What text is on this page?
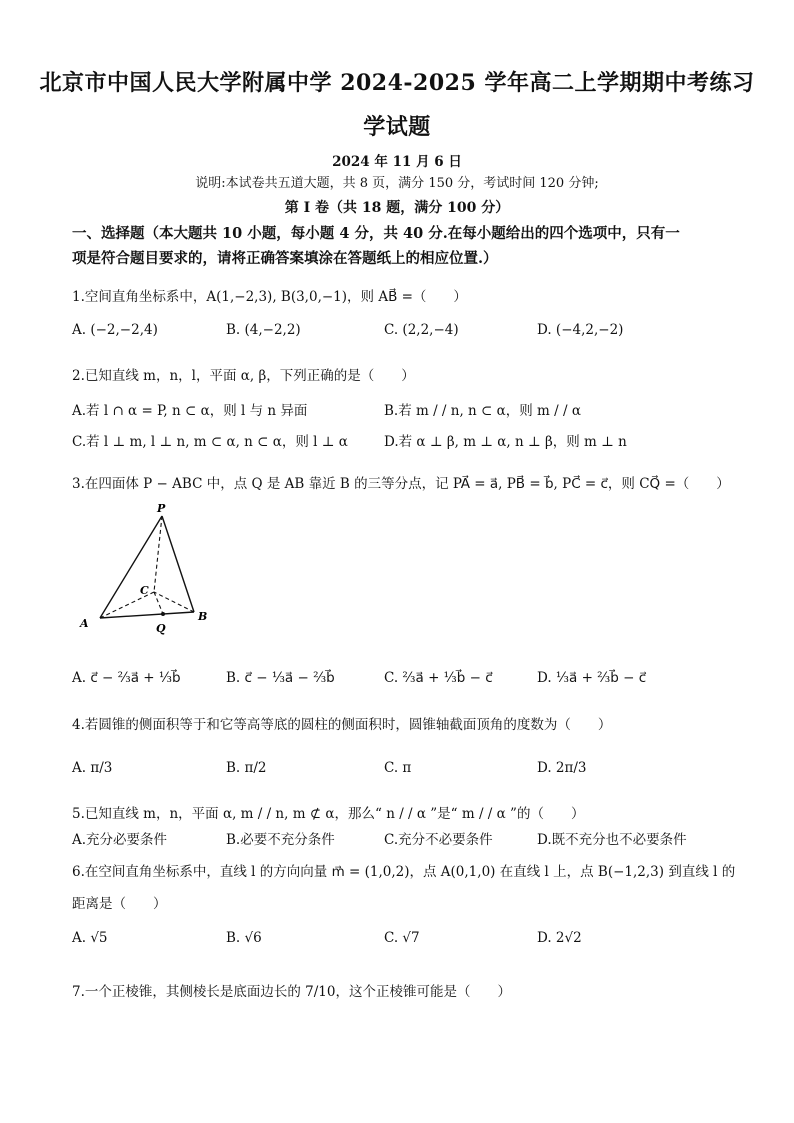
北京市中国人民大学附属中学 2024-2025 学年高二上学期期中考练习
学试题
2024 年 11 月 6 日
说明:本试卷共五道大题，共 8 页，满分 150 分，考试时间 120 分钟;
第 I 卷（共 18 题，满分 100 分）
一、选择题（本大题共 10 小题，每小题 4 分，共 40 分.在每小题给出的四个选项中，只有一
项是符合题目要求的，请将正确答案填涂在答题纸上的相应位置.）
1.空间直角坐标系中，A(1,−2,3), B(3,0,−1)，则 AB⃗ =（　　）
A. (−2,−2,4)	B. (4,−2,2)	C. (2,2,−4)	D. (−4,2,−2)
2.已知直线 m，n，l，平面 α, β，下列正确的是（　　）
A.若 l ∩ α = P, n ⊂ α，则 l 与 n 异面	B.若 m / / n, n ⊂ α，则 m / / α
C.若 l ⊥ m, l ⊥ n, m ⊂ α, n ⊂ α，则 l ⊥ α	D.若 α ⊥ β, m ⊥ α, n ⊥ β，则 m ⊥ n
3.在四面体 P − ABC 中，点 Q 是 AB 靠近 B 的三等分点，记 PA⃗ = a⃗, PB⃗ = b⃗, PC⃗ = c⃗，则 CQ⃗ =（　　）
P
A
B
C
Q
A. c⃗ − ⅔a⃗ + ⅓b⃗	B. c⃗ − ⅓a⃗ − ⅔b⃗	C. ⅔a⃗ + ⅓b⃗ − c⃗	D. ⅓a⃗ + ⅔b⃗ − c⃗
4.若圆锥的侧面积等于和它等高等底的圆柱的侧面积时，圆锥轴截面顶角的度数为（　　）
A. π/3	B. π/2	C. π	D. 2π/3
5.已知直线 m，n，平面 α, m / / n, m ⊄ α，那么“ n / / α ”是“ m / / α ”的（　　）
A.充分必要条件	B.必要不充分条件	C.充分不必要条件	D.既不充分也不必要条件
6.在空间直角坐标系中，直线 l 的方向向量 m⃗ = (1,0,2)，点 A(0,1,0) 在直线 l 上，点 B(−1,2,3) 到直线 l 的
距离是（　　）
A. √5	B. √6	C. √7	D. 2√2
7.一个正棱锥，其侧棱长是底面边长的 7/10，这个正棱锥可能是（　　）
